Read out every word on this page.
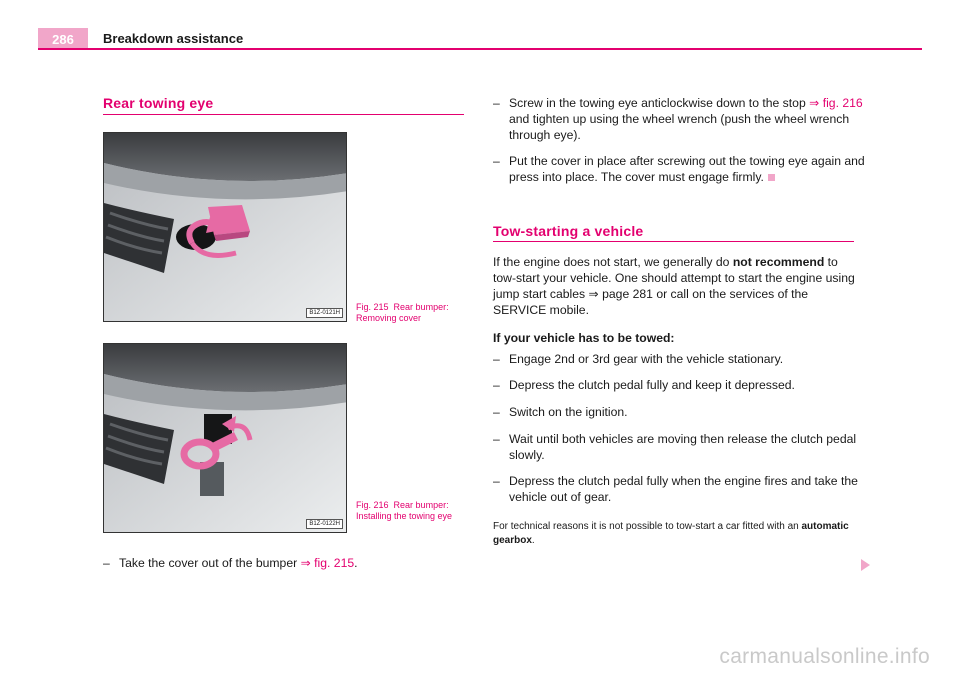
286	Breakdown assistance
Rear towing eye
B1Z-0121H
Fig. 215 Rear bumper: Removing cover
B1Z-0122H
Fig. 216 Rear bumper: Installing the towing eye
– Take the cover out of the bumper ⇒ fig. 215.
– Screw in the towing eye anticlockwise down to the stop ⇒ fig. 216 and tighten up using the wheel wrench (push the wheel wrench through eye).
– Put the cover in place after screwing out the towing eye again and press into place. The cover must engage firmly.
Tow-starting a vehicle
If the engine does not start, we generally do not recommend to tow-start your vehicle. One should attempt to start the engine using jump start cables ⇒ page 281 or call on the services of the SERVICE mobile.
If your vehicle has to be towed:
– Engage 2nd or 3rd gear with the vehicle stationary.
– Depress the clutch pedal fully and keep it depressed.
– Switch on the ignition.
– Wait until both vehicles are moving then release the clutch pedal slowly.
– Depress the clutch pedal fully when the engine fires and take the vehicle out of gear.
For technical reasons it is not possible to tow-start a car fitted with an automatic gearbox.
carmanualsonline.info
